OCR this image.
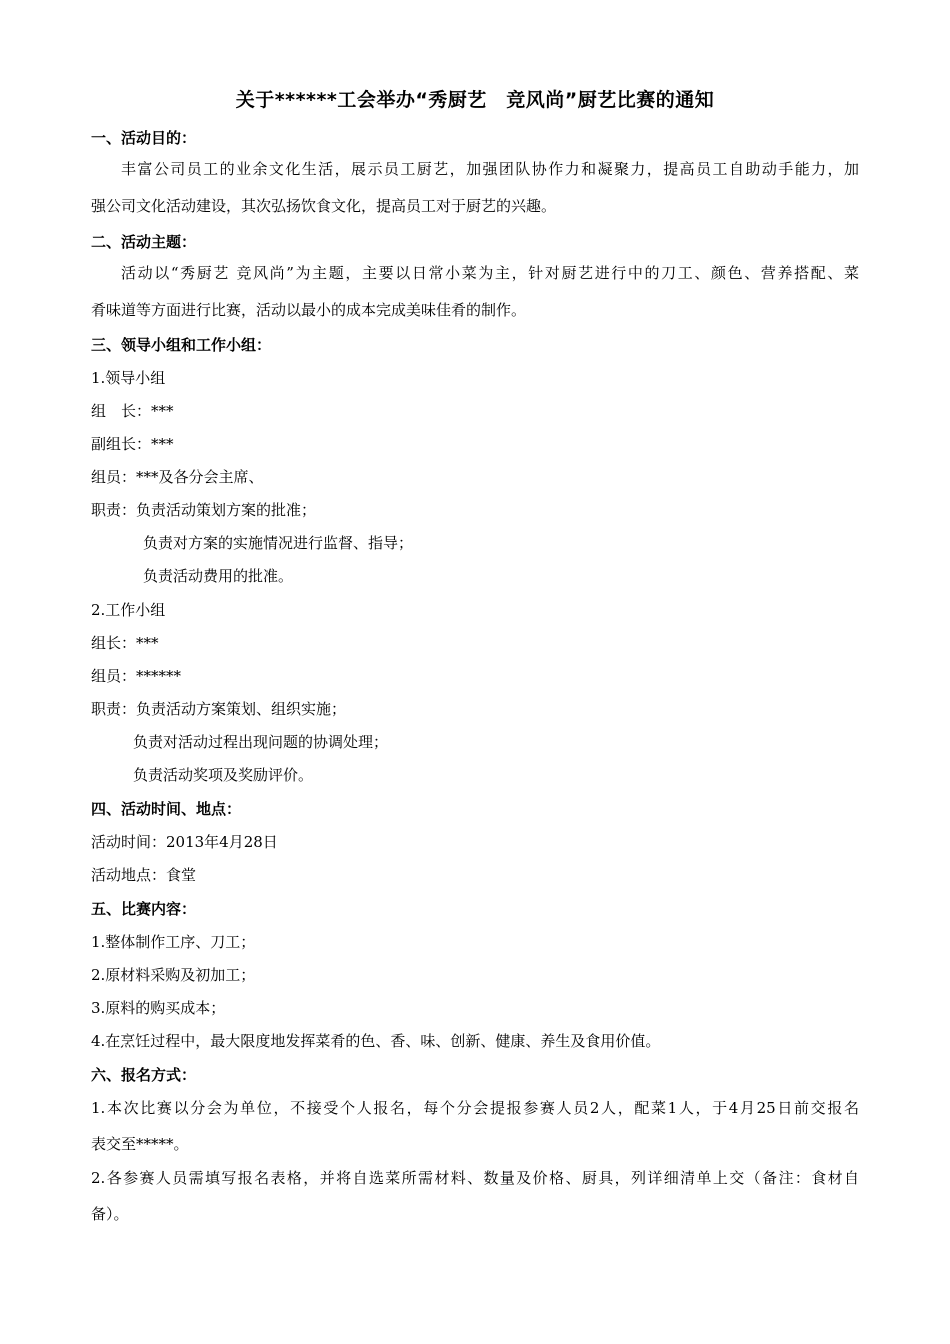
关于******工会举办“秀厨艺　竞风尚”厨艺比赛的通知
一、活动目的：
丰富公司员工的业余文化生活，展示员工厨艺，加强团队协作力和凝聚力，提高员工自助动手能力，加
强公司文化活动建设，其次弘扬饮食文化，提高员工对于厨艺的兴趣。
二、活动主题：
活动以“秀厨艺 竞风尚”为主题，主要以日常小菜为主，针对厨艺进行中的刀工、颜色、营养搭配、菜
肴味道等方面进行比赛，活动以最小的成本完成美味佳肴的制作。
三、领导小组和工作小组：
1.领导小组
组　长：***
副组长：***
组员：***及各分会主席、
职责：负责活动策划方案的批准；
负责对方案的实施情况进行监督、指导；
负责活动费用的批准。
2.工作小组
组长：***
组员：******
职责：负责活动方案策划、组织实施；
负责对活动过程出现问题的协调处理；
负责活动奖项及奖励评价。
四、活动时间、地点：
活动时间：2013年4月28日
活动地点：食堂
五、比赛内容：
1.整体制作工序、刀工；
2.原材料采购及初加工；
3.原料的购买成本；
4.在烹饪过程中，最大限度地发挥菜肴的色、香、味、创新、健康、养生及食用价值。
六、报名方式：
1.本次比赛以分会为单位，不接受个人报名，每个分会提报参赛人员2人，配菜1人，于4月25日前交报名
表交至*****。
2.各参赛人员需填写报名表格，并将自选菜所需材料、数量及价格、厨具，列详细清单上交（备注：食材自
备）。
